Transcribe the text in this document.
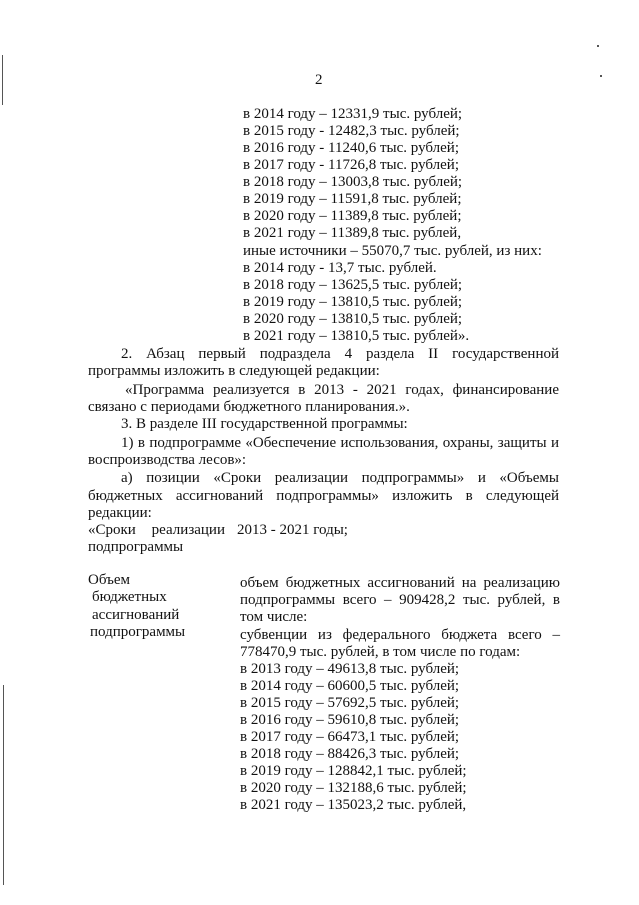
2
в 2014 году – 12331,9 тыс. рублей;
в 2015 году - 12482,3 тыс. рублей;
в 2016 году - 11240,6 тыс. рублей;
в 2017 году - 11726,8 тыс. рублей;
в 2018 году – 13003,8 тыс. рублей;
в 2019 году – 11591,8 тыс. рублей;
в 2020 году – 11389,8 тыс. рублей;
в 2021 году – 11389,8 тыс. рублей,
иные источники – 55070,7 тыс. рублей, из них:
в 2014 году - 13,7 тыс. рублей.
в 2018 году – 13625,5 тыс. рублей;
в 2019 году – 13810,5 тыс. рублей;
в 2020 году – 13810,5 тыс. рублей;
в 2021 году – 13810,5 тыс. рублей».
2. Абзац первый подраздела 4 раздела II государственной
программы изложить в следующей редакции:
«Программа реализуется в 2013 - 2021 годах, финансирование
связано с периодами бюджетного планирования.».
3. В разделе III государственной программы:
1) в подпрограмме «Обеспечение использования, охраны, защиты и
воспроизводства лесов»:
а) позиции «Сроки реализации подпрограммы» и «Объемы
бюджетных ассигнований подпрограммы» изложить в следующей
редакции:
«Сроки реализации
подпрограммы
2013 - 2021 годы;
Объем
бюджетных
ассигнований
подпрограммы
объем бюджетных ассигнований на реализацию
подпрограммы всего – 909428,2 тыс. рублей, в
том числе:
субвенции из федерального бюджета всего –
778470,9 тыс. рублей, в том числе по годам:
в 2013 году – 49613,8 тыс. рублей;
в 2014 году – 60600,5 тыс. рублей;
в 2015 году – 57692,5 тыс. рублей;
в 2016 году – 59610,8 тыс. рублей;
в 2017 году – 66473,1 тыс. рублей;
в 2018 году – 88426,3 тыс. рублей;
в 2019 году – 128842,1 тыс. рублей;
в 2020 году – 132188,6 тыс. рублей;
в 2021 году – 135023,2 тыс. рублей,
